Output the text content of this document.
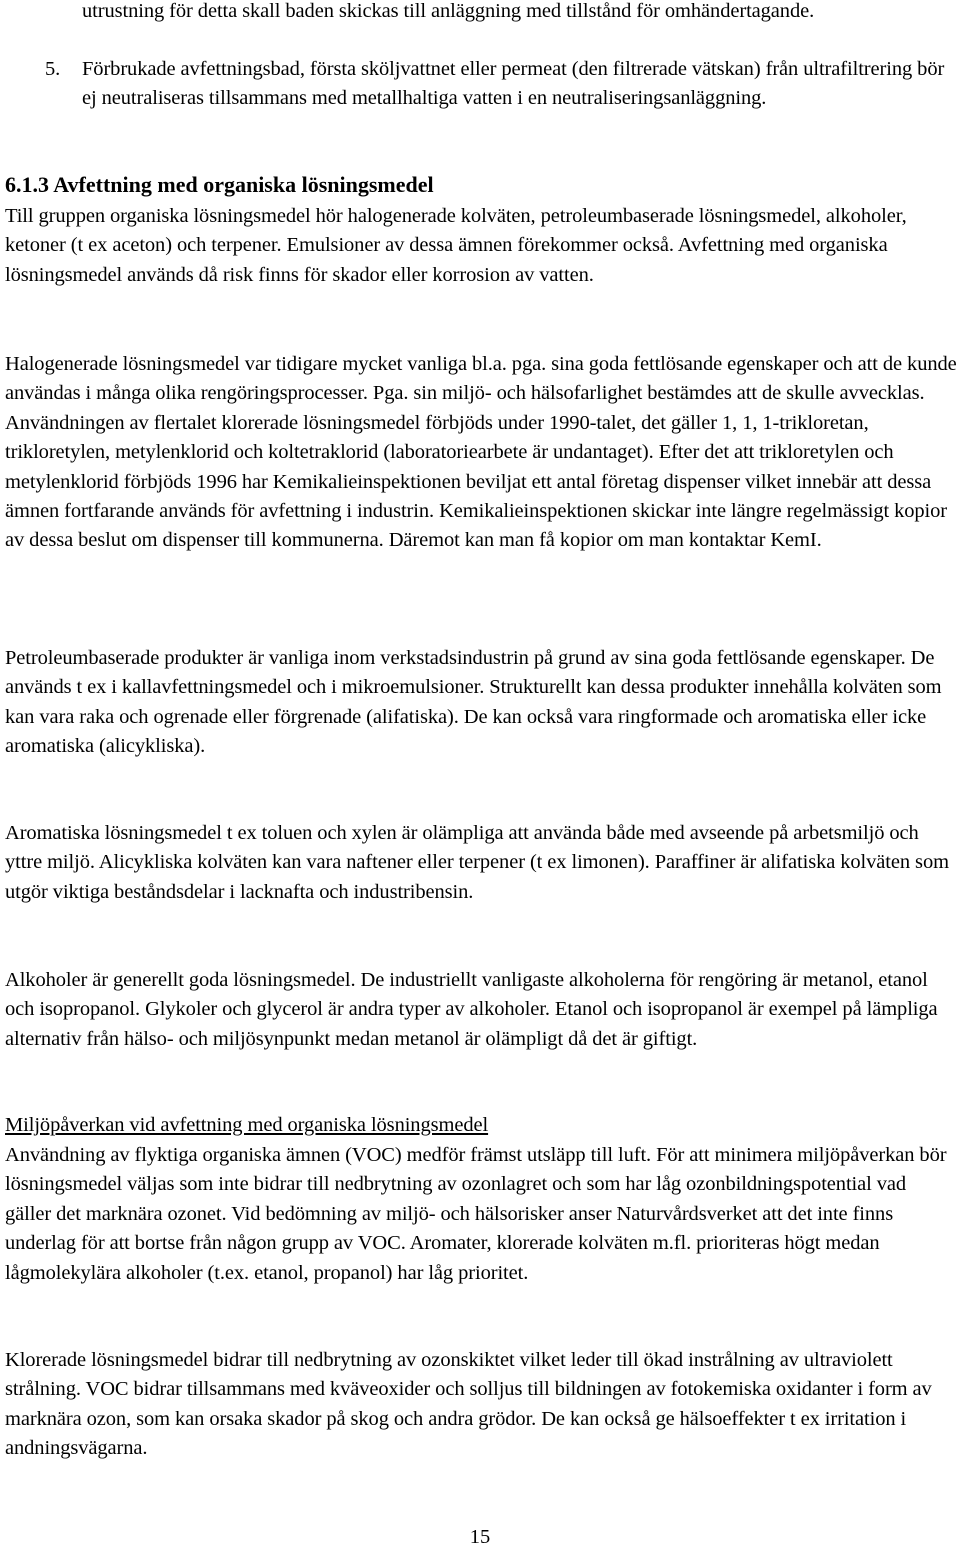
utrustning för detta skall baden skickas till anläggning med tillstånd för omhändertagande.
5. Förbrukade avfettningsbad, första sköljvattnet eller permeat (den filtrerade vätskan) från ultrafiltrering bör ej neutraliseras tillsammans med metallhaltiga vatten i en neutraliseringsanläggning.
6.1.3 Avfettning med organiska lösningsmedel

Till gruppen organiska lösningsmedel hör halogenerade kolväten, petroleumbaserade lösningsmedel, alkoholer, ketoner (t ex aceton) och terpener. Emulsioner av dessa ämnen förekommer också. Avfettning med organiska lösningsmedel används då risk finns för skador eller korrosion av vatten.

Halogenerade lösningsmedel var tidigare mycket vanliga bl.a. pga. sina goda fettlösande egenskaper och att de kunde användas i många olika rengöringsprocesser. Pga. sin miljö- och hälsofarlighet bestämdes att de skulle avvecklas. Användningen av flertalet klorerade lösningsmedel förbjöds under 1990-talet, det gäller 1, 1, 1-trikloretan, trikloretylen, metylenklorid och koltetraklorid (laboratoriearbete är undantaget). Efter det att trikloretylen och metylenklorid förbjöds 1996 har Kemikalieinspektionen beviljat ett antal företag dispenser vilket innebär att dessa ämnen fortfarande används för avfettning i industrin. Kemikalieinspektionen skickar inte längre regelmässigt kopior av dessa beslut om dispenser till kommunerna. Däremot kan man få kopior om man kontaktar KemI.

Petroleumbaserade produkter är vanliga inom verkstadsindustrin på grund av sina goda fettlösande egenskaper. De används t ex i kallavfettningsmedel och i mikroemulsioner. Strukturellt kan dessa produkter innehålla kolväten som kan vara raka och ogrenade eller förgrenade (alifatiska). De kan också vara ringformade och aromatiska eller icke aromatiska (alicykliska).

Aromatiska lösningsmedel t ex toluen och xylen är olämpliga att använda både med avseende på arbetsmiljö och yttre miljö. Alicykliska kolväten kan vara naftener eller terpener (t ex limonen). Paraffiner är alifatiska kolväten som utgör viktiga beståndsdelar i lacknafta och industribensin.

Alkoholer är generellt goda lösningsmedel. De industriellt vanligaste alkoholerna för rengöring är metanol, etanol och isopropanol. Glykoler och glycerol är andra typer av alkoholer. Etanol och isopropanol är exempel på lämpliga alternativ från hälso- och miljösynpunkt medan metanol är olämpligt då det är giftigt.

Miljöpåverkan vid avfettning med organiska lösningsmedel

Användning av flyktiga organiska ämnen (VOC) medför främst utsläpp till luft. För att minimera miljöpåverkan bör lösningsmedel väljas som inte bidrar till nedbrytning av ozonlagret och som har låg ozonbildningspotential vad gäller det marknära ozonet. Vid bedömning av miljö- och hälsorisker anser Naturvårdsverket att det inte finns underlag för att bortse från någon grupp av VOC. Aromater, klorerade kolväten m.fl. prioriteras högt medan lågmolekylära alkoholer (t.ex. etanol, propanol) har låg prioritet.

Klorerade lösningsmedel bidrar till nedbrytning av ozonskiktet vilket leder till ökad instrålning av ultraviolett strålning. VOC bidrar tillsammans med kväveoxider och solljus till bildningen av fotokemiska oxidanter i form av marknära ozon, som kan orsaka skador på skog och andra grödor. De kan också ge hälsoeffekter t ex irritation i andningsvägarna.

15
